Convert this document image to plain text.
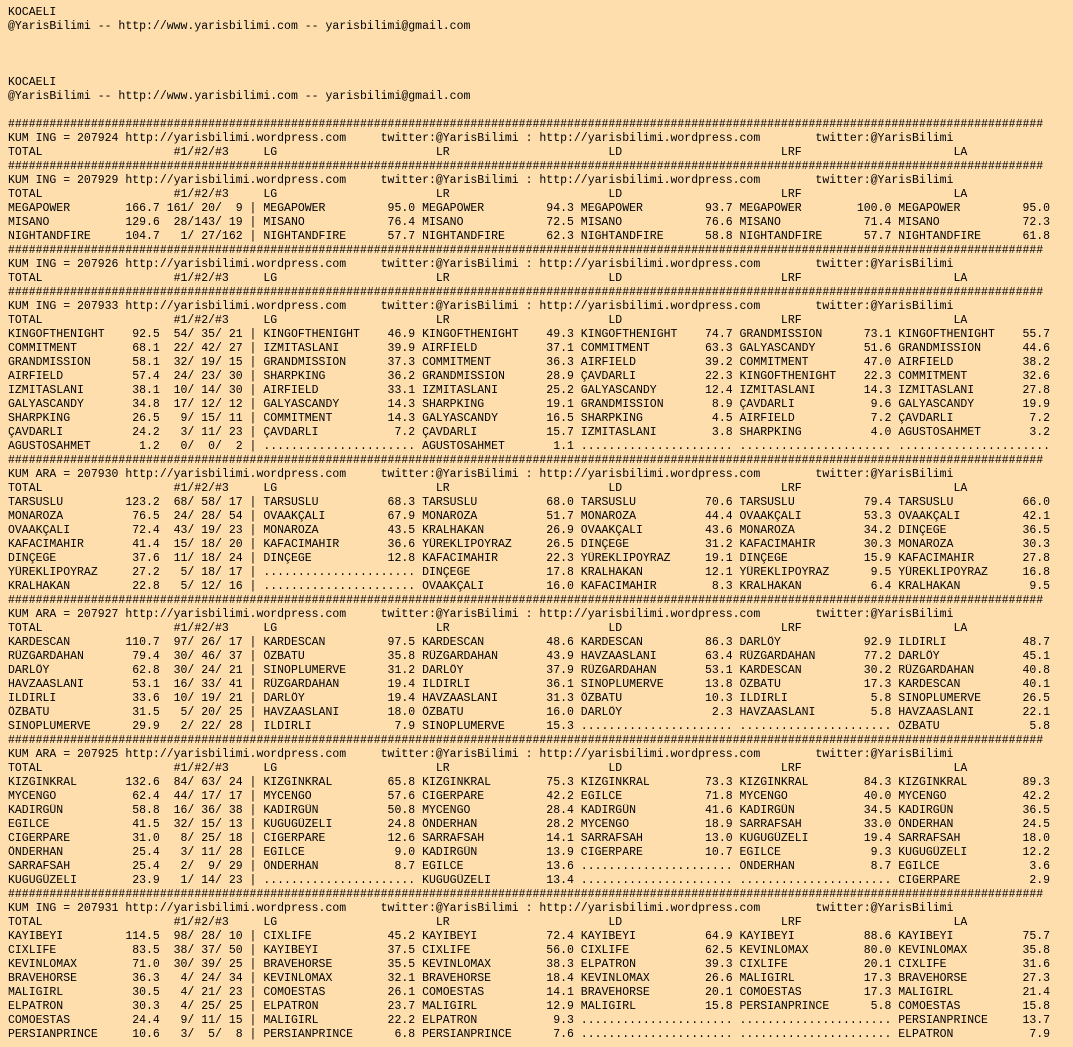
KOCAELI
@YarisBilimi -- http://www.yarisbilimi.com -- yarisbilimi@gmail.com
KOCAELI
@YarisBilimi -- http://www.yarisbilimi.com -- yarisbilimi@gmail.com
######################################################################################################################################################
KUM ING = 207924 http://yarisbilimi.wordpress.com     twitter:@YarisBilimi : http://yarisbilimi.wordpress.com        twitter:@YarisBilimi
TOTAL                   #1/#2/#3     LG                       LR                       LD                       LRF                      LA
######################################################################################################################################################
KUM ING = 207929 http://yarisbilimi.wordpress.com     twitter:@YarisBilimi : http://yarisbilimi.wordpress.com        twitter:@YarisBilimi
TOTAL                   #1/#2/#3     LG                       LR                       LD                       LRF                      LA
MEGAPOWER        166.7 161/ 20/  9 | MEGAPOWER         95.0 MEGAPOWER         94.3 MEGAPOWER         93.7 MEGAPOWER        100.0 MEGAPOWER         95.0
MISANO           129.6  28/143/ 19 | MISANO            76.4 MISANO            72.5 MISANO            76.6 MISANO            71.4 MISANO            72.3
NIGHTANDFIRE     104.7   1/ 27/162 | NIGHTANDFIRE      57.7 NIGHTANDFIRE      62.3 NIGHTANDFIRE      58.8 NIGHTANDFIRE      57.7 NIGHTANDFIRE      61.8
######################################################################################################################################################
KUM ING = 207926 http://yarisbilimi.wordpress.com     twitter:@YarisBilimi : http://yarisbilimi.wordpress.com        twitter:@YarisBilimi
TOTAL                   #1/#2/#3     LG                       LR                       LD                       LRF                      LA
######################################################################################################################################################
KUM ING = 207933 http://yarisbilimi.wordpress.com     twitter:@YarisBilimi : http://yarisbilimi.wordpress.com        twitter:@YarisBilimi
TOTAL                   #1/#2/#3     LG                       LR                       LD                       LRF                      LA
KINGOFTHENIGHT    92.5  54/ 35/ 21 | KINGOFTHENIGHT    46.9 KINGOFTHENIGHT    49.3 KINGOFTHENIGHT    74.7 GRANDMISSION      73.1 KINGOFTHENIGHT    55.7
COMMITMENT        68.1  22/ 42/ 27 | IZMITASLANI       39.9 AIRFIELD          37.1 COMMITMENT        63.3 GALYASCANDY       51.6 GRANDMISSION      44.6
GRANDMISSION      58.1  32/ 19/ 15 | GRANDMISSION      37.3 COMMITMENT        36.3 AIRFIELD          39.2 COMMITMENT        47.0 AIRFIELD          38.2
AIRFIELD          57.4  24/ 23/ 30 | SHARPKING         36.2 GRANDMISSION      28.9 ÇAVDARLI          22.3 KINGOFTHENIGHT    22.3 COMMITMENT        32.6
IZMITASLANI       38.1  10/ 14/ 30 | AIRFIELD          33.1 IZMITASLANI       25.2 GALYASCANDY       12.4 IZMITASLANI       14.3 IZMITASLANI       27.8
GALYASCANDY       34.8  17/ 12/ 12 | GALYASCANDY       14.3 SHARPKING         19.1 GRANDMISSION       8.9 ÇAVDARLI           9.6 GALYASCANDY       19.9
SHARPKING         26.5   9/ 15/ 11 | COMMITMENT        14.3 GALYASCANDY       16.5 SHARPKING          4.5 AIRFIELD           7.2 ÇAVDARLI           7.2
ÇAVDARLI          24.2   3/ 11/ 23 | ÇAVDARLI           7.2 ÇAVDARLI          15.7 IZMITASLANI        3.8 SHARPKING          4.0 AGUSTOSAHMET       3.2
AGUSTOSAHMET       1.2   0/  0/  2 | ...................... AGUSTOSAHMET       1.1 ...................... ...................... ......................
######################################################################################################################################################
KUM ARA = 207930 http://yarisbilimi.wordpress.com     twitter:@YarisBilimi : http://yarisbilimi.wordpress.com        twitter:@YarisBilimi
TOTAL                   #1/#2/#3     LG                       LR                       LD                       LRF                      LA
TARSUSLU         123.2  68/ 58/ 17 | TARSUSLU          68.3 TARSUSLU          68.0 TARSUSLU          70.6 TARSUSLU          79.4 TARSUSLU          66.0
MONAROZA          76.5  24/ 28/ 54 | OVAAKÇALI         67.9 MONAROZA          51.7 MONAROZA          44.4 OVAAKÇALI         53.3 OVAAKÇALI         42.1
OVAAKÇALI         72.4  43/ 19/ 23 | MONAROZA          43.5 KRALHAKAN         26.9 OVAAKÇALI         43.6 MONAROZA          34.2 DINÇEGE           36.5
KAFACIMAHIR       41.4  15/ 18/ 20 | KAFACIMAHIR       36.6 YÜREKLIPOYRAZ     26.5 DINÇEGE           31.2 KAFACIMAHIR       30.3 MONAROZA          30.3
DINÇEGE           37.6  11/ 18/ 24 | DINÇEGE           12.8 KAFACIMAHIR       22.3 YÜREKLIPOYRAZ     19.1 DINÇEGE           15.9 KAFACIMAHIR       27.8
YÜREKLIPOYRAZ     27.2   5/ 18/ 17 | ...................... DINÇEGE           17.8 KRALHAKAN         12.1 YÜREKLIPOYRAZ      9.5 YÜREKLIPOYRAZ     16.8
KRALHAKAN         22.8   5/ 12/ 16 | ...................... OVAAKÇALI         16.0 KAFACIMAHIR        8.3 KRALHAKAN          6.4 KRALHAKAN          9.5
######################################################################################################################################################
KUM ARA = 207927 http://yarisbilimi.wordpress.com     twitter:@YarisBilimi : http://yarisbilimi.wordpress.com        twitter:@YarisBilimi
TOTAL                   #1/#2/#3     LG                       LR                       LD                       LRF                      LA
KARDESCAN        110.7  97/ 26/ 17 | KARDESCAN         97.5 KARDESCAN         48.6 KARDESCAN         86.3 DARLÖY            92.9 ILDIRLI           48.7
RÜZGARDAHAN       79.4  30/ 46/ 37 | ÖZBATU            35.8 RÜZGARDAHAN       43.9 HAVZAASLANI       63.4 RÜZGARDAHAN       77.2 DARLÖY            45.1
DARLÖY            62.8  30/ 24/ 21 | SINOPLUMERVE      31.2 DARLÖY            37.9 RÜZGARDAHAN       53.1 KARDESCAN         30.2 RÜZGARDAHAN       40.8
HAVZAASLANI       53.1  16/ 33/ 41 | RÜZGARDAHAN       19.4 ILDIRLI           36.1 SINOPLUMERVE      13.8 ÖZBATU            17.3 KARDESCAN         40.1
ILDIRLI           33.6  10/ 19/ 21 | DARLÖY            19.4 HAVZAASLANI       31.3 ÖZBATU            10.3 ILDIRLI            5.8 SINOPLUMERVE      26.5
ÖZBATU            31.5   5/ 20/ 25 | HAVZAASLANI       18.0 ÖZBATU            16.0 DARLÖY             2.3 HAVZAASLANI        5.8 HAVZAASLANI       22.1
SINOPLUMERVE      29.9   2/ 22/ 28 | ILDIRLI            7.9 SINOPLUMERVE      15.3 ...................... ...................... ÖZBATU             5.8
######################################################################################################################################################
KUM ARA = 207925 http://yarisbilimi.wordpress.com     twitter:@YarisBilimi : http://yarisbilimi.wordpress.com        twitter:@YarisBilimi
TOTAL                   #1/#2/#3     LG                       LR                       LD                       LRF                      LA
KIZGINKRAL       132.6  84/ 63/ 24 | KIZGINKRAL        65.8 KIZGINKRAL        75.3 KIZGINKRAL        73.3 KIZGINKRAL        84.3 KIZGINKRAL        89.3
MYCENGO           62.4  44/ 17/ 17 | MYCENGO           57.6 CIGERPARE         42.2 EGILCE            71.8 MYCENGO           40.0 MYCENGO           42.2
KADIRGÜN          58.8  16/ 36/ 38 | KADIRGÜN          50.8 MYCENGO           28.4 KADIRGÜN          41.6 KADIRGÜN          34.5 KADIRGÜN          36.5
EGILCE            41.5  32/ 15/ 13 | KUGUGÜZELI        24.8 ÖNDERHAN          28.2 MYCENGO           18.9 SARRAFSAH         33.0 ÖNDERHAN          24.5
CIGERPARE         31.0   8/ 25/ 18 | CIGERPARE         12.6 SARRAFSAH         14.1 SARRAFSAH         13.0 KUGUGÜZELI        19.4 SARRAFSAH         18.0
ÖNDERHAN          25.4   3/ 11/ 28 | EGILCE             9.0 KADIRGÜN          13.9 CIGERPARE         10.7 EGILCE             9.3 KUGUGÜZELI        12.2
SARRAFSAH         25.4   2/  9/ 29 | ÖNDERHAN           8.7 EGILCE            13.6 ...................... ÖNDERHAN           8.7 EGILCE             3.6
KUGUGÜZELI        23.9   1/ 14/ 23 | ...................... KUGUGÜZELI        13.4 ...................... ...................... CIGERPARE          2.9
######################################################################################################################################################
KUM ING = 207931 http://yarisbilimi.wordpress.com     twitter:@YarisBilimi : http://yarisbilimi.wordpress.com        twitter:@YarisBilimi
TOTAL                   #1/#2/#3     LG                       LR                       LD                       LRF                      LA
KAYIBEYI         114.5  98/ 28/ 10 | CIXLIFE           45.2 KAYIBEYI          72.4 KAYIBEYI          64.9 KAYIBEYI          88.6 KAYIBEYI          75.7
CIXLIFE           83.5  38/ 37/ 50 | KAYIBEYI          37.5 CIXLIFE           56.0 CIXLIFE           62.5 KEVINLOMAX        80.0 KEVINLOMAX        35.8
KEVINLOMAX        71.0  30/ 39/ 25 | BRAVEHORSE        35.5 KEVINLOMAX        38.3 ELPATRON          39.3 CIXLIFE           20.1 CIXLIFE           31.6
BRAVEHORSE        36.3   4/ 24/ 34 | KEVINLOMAX        32.1 BRAVEHORSE        18.4 KEVINLOMAX        26.6 MALIGIRL          17.3 BRAVEHORSE        27.3
MALIGIRL          30.5   4/ 21/ 23 | COMOESTAS         26.1 COMOESTAS         14.1 BRAVEHORSE        20.1 COMOESTAS         17.3 MALIGIRL          21.4
ELPATRON          30.3   4/ 25/ 25 | ELPATRON          23.7 MALIGIRL          12.9 MALIGIRL          15.8 PERSIANPRINCE      5.8 COMOESTAS         15.8
COMOESTAS         24.4   9/ 11/ 15 | MALIGIRL          22.2 ELPATRON           9.3 ...................... ...................... PERSIANPRINCE     13.7
PERSIANPRINCE     10.6   3/  5/  8 | PERSIANPRINCE      6.8 PERSIANPRINCE      7.6 ...................... ...................... ELPATRON           7.9
